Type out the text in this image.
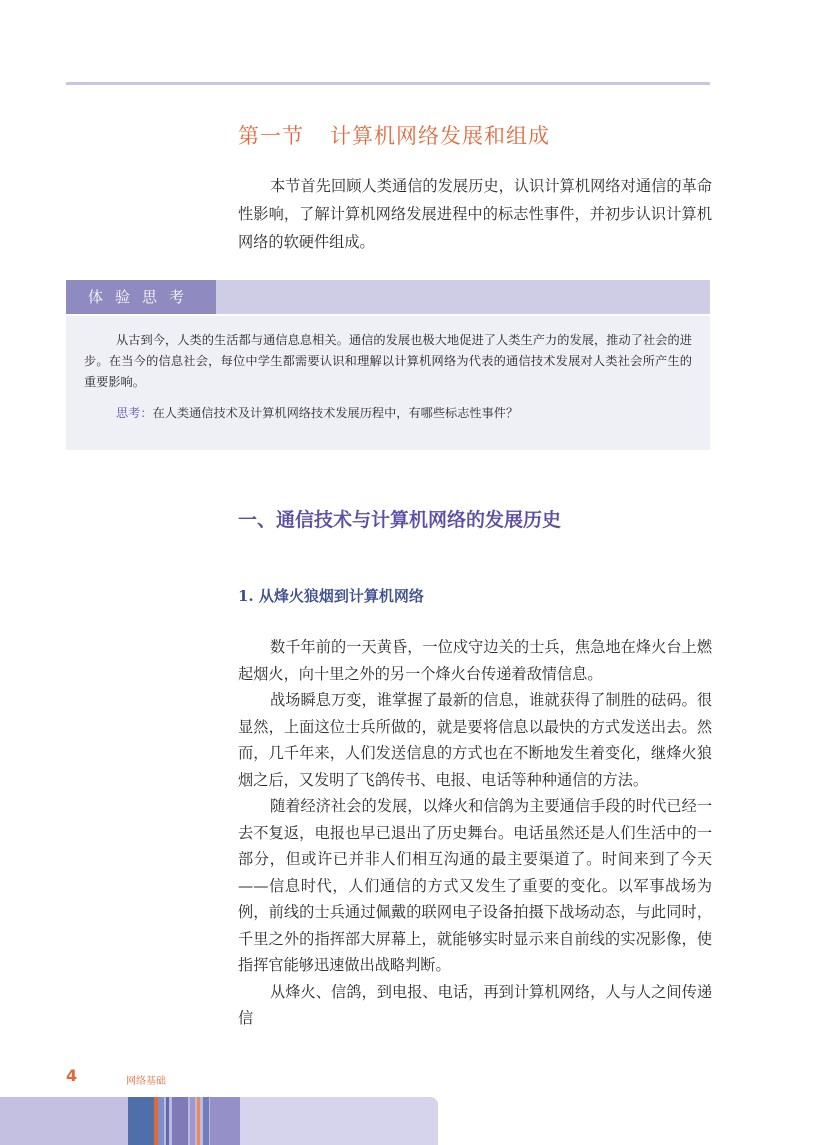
第一节 计算机网络发展和组成

本节首先回顾人类通信的发展历史，认识计算机网络对通信的革命性影响，了解计算机网络发展进程中的标志性事件，并初步认识计算机网络的软硬件组成。

体验思考

从古到今，人类的生活都与通信息息相关。通信的发展也极大地促进了人类生产力的发展，推动了社会的进步。在当今的信息社会，每位中学生都需要认识和理解以计算机网络为代表的通信技术发展对人类社会所产生的重要影响。

思考：在人类通信技术及计算机网络技术发展历程中，有哪些标志性事件？

一、通信技术与计算机网络的发展历史
1. 从烽火狼烟到计算机网络

数千年前的一天黄昏，一位戍守边关的士兵，焦急地在烽火台上燃起烟火，向十里之外的另一个烽火台传递着敌情信息。

战场瞬息万变，谁掌握了最新的信息，谁就获得了制胜的砝码。很显然，上面这位士兵所做的，就是要将信息以最快的方式发送出去。然而，几千年来，人们发送信息的方式也在不断地发生着变化，继烽火狼烟之后，又发明了飞鸽传书、电报、电话等种种通信的方法。

随着经济社会的发展，以烽火和信鸽为主要通信手段的时代已经一去不复返，电报也早已退出了历史舞台。电话虽然还是人们生活中的一部分，但或许已并非人们相互沟通的最主要渠道了。时间来到了今天——信息时代，人们通信的方式又发生了重要的变化。以军事战场为例，前线的士兵通过佩戴的联网电子设备拍摄下战场动态，与此同时，千里之外的指挥部大屏幕上，就能够实时显示来自前线的实况影像，使指挥官能够迅速做出战略判断。

从烽火、信鸽，到电报、电话，再到计算机网络，人与人之间传递信

4	网络基础
